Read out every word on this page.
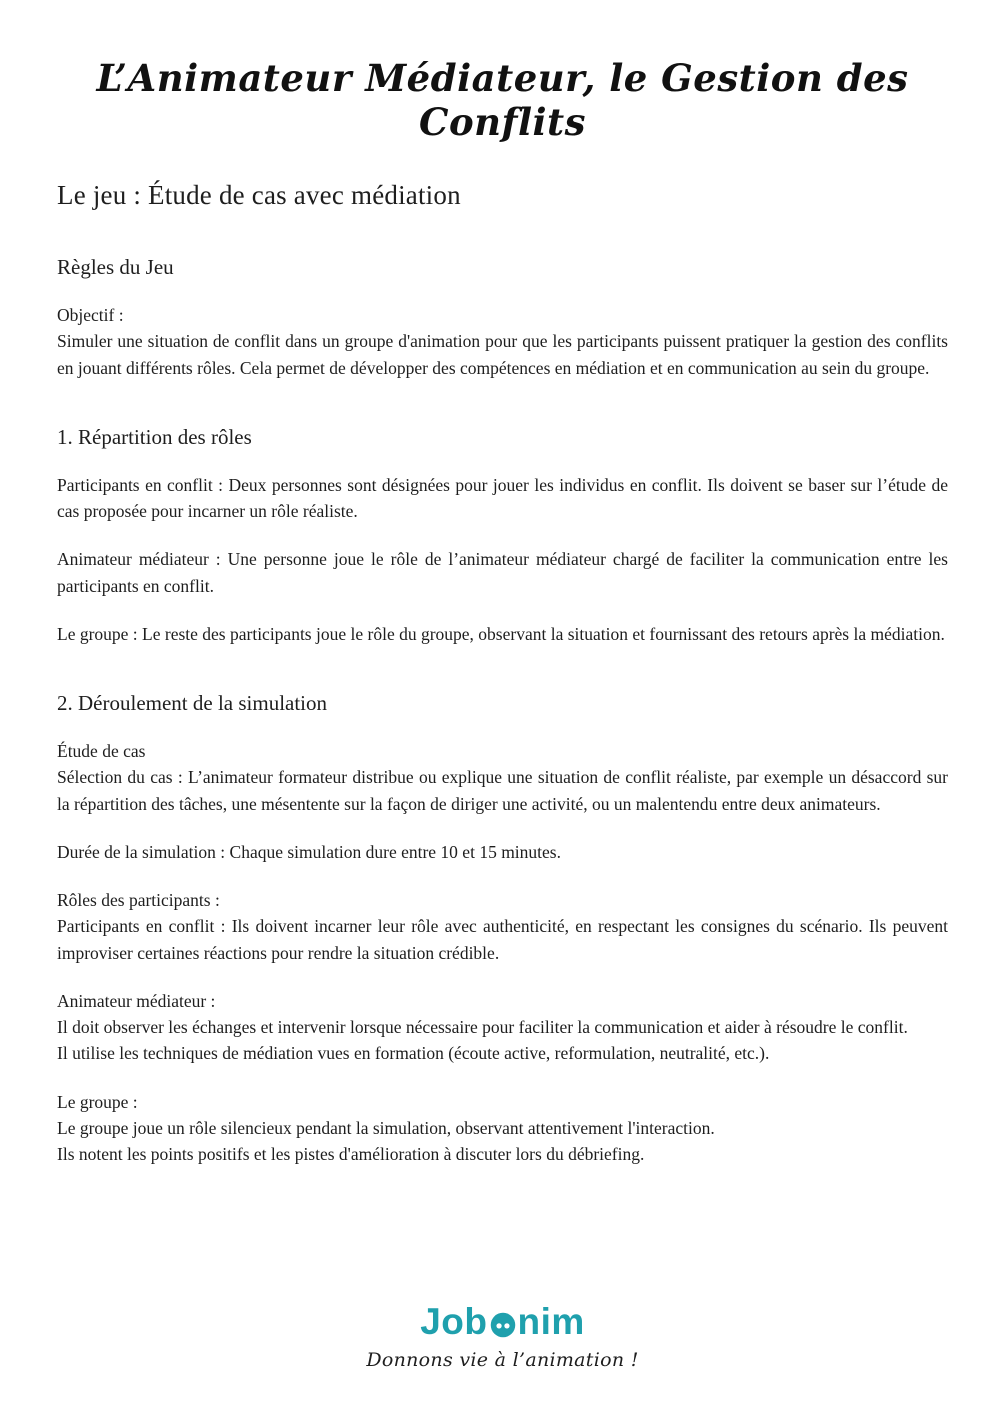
L’Animateur Médiateur, le Gestion des Conflits
Le jeu : Étude de cas avec médiation
Règles du Jeu
Objectif :
Simuler une situation de conflit dans un groupe d'animation pour que les participants puissent pratiquer la gestion des conflits en jouant différents rôles. Cela permet de développer des compétences en médiation et en communication au sein du groupe.
1. Répartition des rôles
Participants en conflit : Deux personnes sont désignées pour jouer les individus en conflit. Ils doivent se baser sur l’étude de cas proposée pour incarner un rôle réaliste.
Animateur médiateur : Une personne joue le rôle de l’animateur médiateur chargé de faciliter la communication entre les participants en conflit.
Le groupe : Le reste des participants joue le rôle du groupe, observant la situation et fournissant des retours après la médiation.
2. Déroulement de la simulation
Étude de cas
Sélection du cas : L’animateur formateur distribue ou explique une situation de conflit réaliste, par exemple un désaccord sur la répartition des tâches, une mésentente sur la façon de diriger une activité, ou un malentendu entre deux animateurs.
Durée de la simulation : Chaque simulation dure entre 10 et 15 minutes.
Rôles des participants :
Participants en conflit : Ils doivent incarner leur rôle avec authenticité, en respectant les consignes du scénario. Ils peuvent improviser certaines réactions pour rendre la situation crédible.
Animateur médiateur :
Il doit observer les échanges et intervenir lorsque nécessaire pour faciliter la communication et aider à résoudre le conflit.
Il utilise les techniques de médiation vues en formation (écoute active, reformulation, neutralité, etc.).
Le groupe :
Le groupe joue un rôle silencieux pendant la simulation, observant attentivement l'interaction.
Ils notent les points positifs et les pistes d'amélioration à discuter lors du débriefing.
Job nim
Donnons vie à l’animation !
